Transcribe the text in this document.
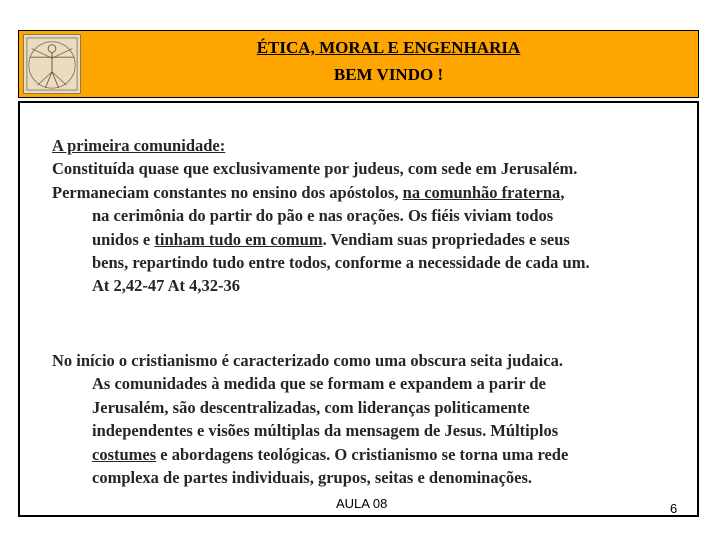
ÉTICA, MORAL E ENGENHARIA
BEM VINDO !
A primeira comunidade:
Constituída quase que exclusivamente por judeus, com sede em Jerusalém.
Permaneciam constantes no ensino dos apóstolos, na comunhão fraterna,
na cerimônia do partir do pão e nas orações. Os fiéis viviam todos
unidos e tinham tudo em comum. Vendiam suas propriedades e seus
bens, repartindo tudo entre todos, conforme a necessidade de cada um.
At 2,42-47 At 4,32-36
No início o cristianismo é caracterizado como uma obscura seita judaica.
As comunidades à medida que se formam e expandem a parir de
Jerusalém, são descentralizadas, com lideranças politicamente
independentes e visões múltiplas da mensagem de Jesus. Múltiplos
costumes e abordagens teológicas. O cristianismo se torna uma rede
complexa de partes individuais, grupos, seitas e denominações.
AULA 08	6
